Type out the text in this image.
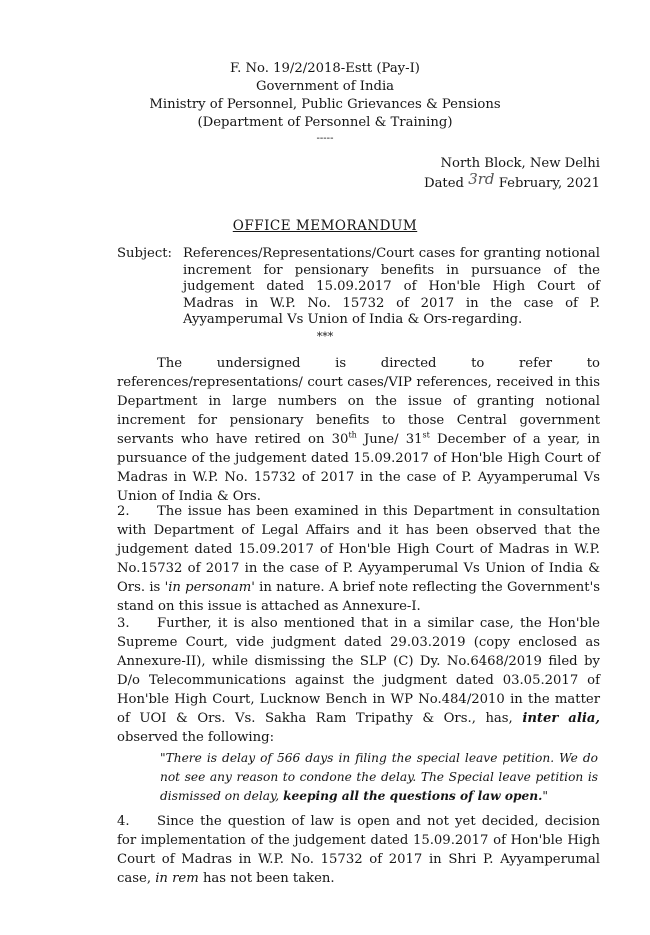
F. No. 19/2/2018-Estt (Pay-I)
Government of India
Ministry of Personnel, Public Grievances & Pensions
(Department of Personnel & Training)
-----
North Block, New Delhi
Dated 3rd February, 2021
OFFICE MEMORANDUM
Subject: References/Representations/Court cases for granting notional increment for pensionary benefits in pursuance of the judgement dated 15.09.2017 of Hon'ble High Court of Madras in W.P. No. 15732 of 2017 in the case of P. Ayyamperumal Vs Union of India & Ors-regarding.
***
The undersigned is directed to refer to references/representations/ court cases/VIP references, received in this Department in large numbers on the issue of granting notional increment for pensionary benefits to those Central government servants who have retired on 30th June/ 31st December of a year, in pursuance of the judgement dated 15.09.2017 of Hon'ble High Court of Madras in W.P. No. 15732 of 2017 in the case of P. Ayyamperumal Vs Union of India & Ors.
2. The issue has been examined in this Department in consultation with Department of Legal Affairs and it has been observed that the judgement dated 15.09.2017 of Hon'ble High Court of Madras in W.P. No.15732 of 2017 in the case of P. Ayyamperumal Vs Union of India & Ors. is 'in personam' in nature. A brief note reflecting the Government's stand on this issue is attached as Annexure-I.
3. Further, it is also mentioned that in a similar case, the Hon'ble Supreme Court, vide judgment dated 29.03.2019 (copy enclosed as Annexure-II), while dismissing the SLP (C) Dy. No.6468/2019 filed by D/o Telecommunications against the judgment dated 03.05.2017 of Hon'ble High Court, Lucknow Bench in WP No.484/2010 in the matter of UOI & Ors. Vs. Sakha Ram Tripathy & Ors., has, inter alia, observed the following:
"There is delay of 566 days in filing the special leave petition. We do not see any reason to condone the delay. The Special leave petition is dismissed on delay, keeping all the questions of law open."
4. Since the question of law is open and not yet decided, decision for implementation of the judgement dated 15.09.2017 of Hon'ble High Court of Madras in W.P. No. 15732 of 2017 in Shri P. Ayyamperumal case, in rem has not been taken.
